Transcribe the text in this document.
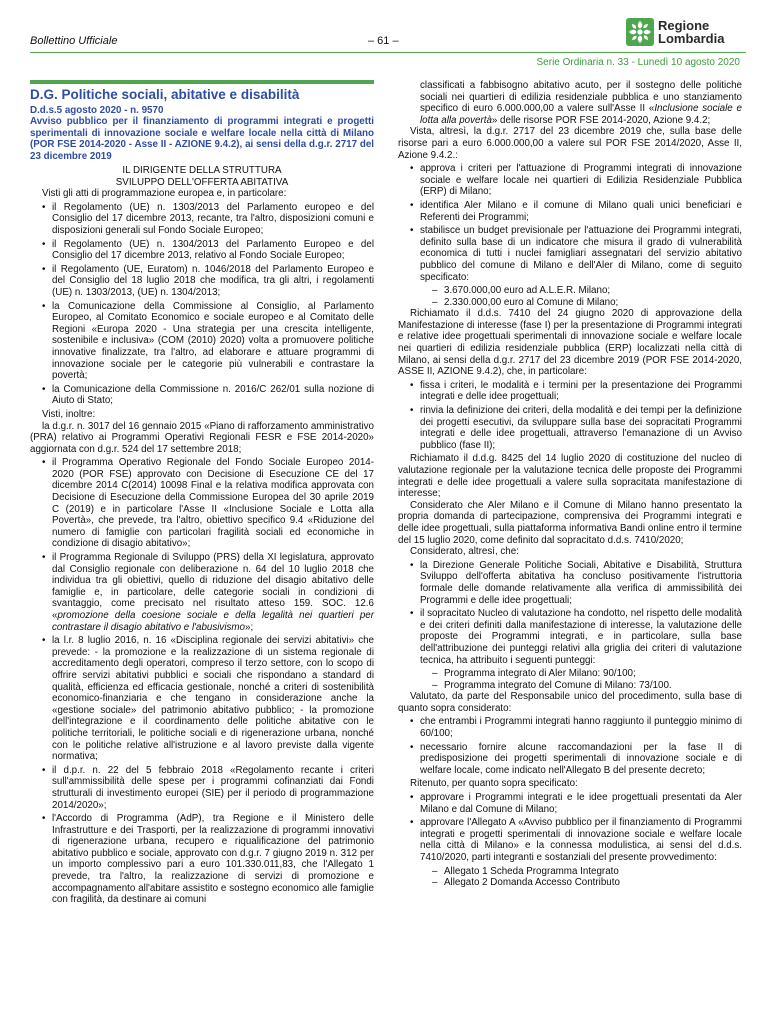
Bollettino Ufficiale	– 61 –
Regione
Lombardia
Serie Ordinaria n. 33 - Lunedì 10 agosto 2020

D.G. Politiche sociali, abitative e disabilità

D.d.s.5 agosto 2020 - n. 9570

Avviso pubblico per il finanziamento di programmi integrati e progetti sperimentali di innovazione sociale e welfare locale nella città di Milano (POR FSE 2014-2020 - Asse II - AZIONE 9.4.2), ai sensi della d.g.r. 2717 del 23 dicembre 2019

IL DIRIGENTE DELLA STRUTTURA

SVILUPPO DELL'OFFERTA ABITATIVA

Visti gli atti di programmazione europea e, in particolare:

• il Regolamento (UE) n. 1303/2013 del Parlamento europeo e del Consiglio del 17 dicembre 2013, recante, tra l'altro, disposizioni comuni e disposizioni generali sul Fondo Sociale Europeo;
• il Regolamento (UE) n. 1304/2013 del Parlamento Europeo e del Consiglio del 17 dicembre 2013, relativo al Fondo Sociale Europeo;
• il Regolamento (UE, Euratom) n. 1046/2018 del Parlamento Europeo e del Consiglio del 18 luglio 2018 che modifica, tra gli altri, i regolamenti (UE) n. 1303/2013, (UE) n. 1304/2013;
• la Comunicazione della Commissione al Consiglio, al Parlamento Europeo, al Comitato Economico e sociale europeo e al Comitato delle Regioni «Europa 2020 - Una strategia per una crescita intelligente, sostenibile e inclusiva» (COM (2010) 2020) volta a promuovere politiche innovative finalizzate, tra l'altro, ad elaborare e attuare programmi di innovazione sociale per le categorie più vulnerabili e contrastare la povertà;
• la Comunicazione della Commissione n. 2016/C 262/01 sulla nozione di Aiuto di Stato;

Visti, inoltre:

la d.g.r. n. 3017 del 16 gennaio 2015 «Piano di rafforzamento amministrativo (PRA) relativo ai Programmi Operativi Regionali FESR e FSE 2014-2020» aggiornata con d.g.r. 524 del 17 settembre 2018;

• il Programma Operativo Regionale del Fondo Sociale Europeo 2014- 2020 (POR FSE) approvato con Decisione di Esecuzione CE del 17 dicembre 2014 C(2014) 10098 Final e la relativa modifica approvata con Decisione di Esecuzione della Commissione Europea del 30 aprile 2019 C (2019) e in particolare l'Asse II «Inclusione Sociale e Lotta alla Povertà», che prevede, tra l'altro, obiettivo specifico 9.4 «Riduzione del numero di famiglie con particolari fragilità sociali ed economiche in condizione di disagio abitativo»;
• il Programma Regionale di Sviluppo (PRS) della XI legislatura, approvato dal Consiglio regionale con deliberazione n. 64 del 10 luglio 2018 che individua tra gli obiettivi, quello di riduzione del disagio abitativo delle famiglie e, in particolare, delle categorie sociali in condizioni di svantaggio, come precisato nel risultato atteso 159. SOC. 12.6 «promozione della coesione sociale e della legalità nei quartieri per contrastare il disagio abitativo e l'abusivismo»;
• la l.r. 8 luglio 2016, n. 16 «Disciplina regionale dei servizi abitativi» che prevede: - la promozione e la realizzazione di un sistema regionale di accreditamento degli operatori, compreso il terzo settore, con lo scopo di offrire servizi abitativi pubblici e sociali che rispondano a standard di qualità, efficienza ed efficacia gestionale, nonché a criteri di sostenibilità economico-finanziaria e che tengano in considerazione anche la «gestione sociale» del patrimonio abitativo pubblico; - la promozione dell'integrazione e il coordinamento delle politiche abitative con le politiche territoriali, le politiche sociali e di rigenerazione urbana, nonché con le politiche relative all'istruzione e al lavoro previste dalla vigente normativa;
• il d.p.r. n. 22 del 5 febbraio 2018 «Regolamento recante i criteri sull'ammissibilità delle spese per i programmi cofinanziati dai Fondi strutturali di investimento europei (SIE) per il periodo di programmazione 2014/2020»;
• l'Accordo di Programma (AdP), tra Regione e il Ministero delle Infrastrutture e dei Trasporti, per la realizzazione di programmi innovativi di rigenerazione urbana, recupero e riqualificazione del patrimonio abitativo pubblico e sociale, approvato con d.g.r. 7 giugno 2019 n. 312 per un importo complessivo pari a euro 101.330.011,83, che l'Allegato 1 prevede, tra l'altro, la realizzazione di servizi di promozione e accompagnamento all'abitare assistito e sostegno economico alle famiglie con fragilità, da destinare ai comuni

classificati a fabbisogno abitativo acuto, per il sostegno delle politiche sociali nei quartieri di edilizia residenziale pubblica e uno stanziamento specifico di euro 6.000.000,00 a valere sull'Asse II «Inclusione sociale e lotta alla povertà» delle risorse POR FSE 2014-2020, Azione 9.4.2;

Vista, altresì, la d.g.r. 2717 del 23 dicembre 2019 che, sulla base delle risorse pari a euro 6.000.000,00 a valere sul POR FSE 2014/2020, Asse II, Azione 9.4.2.:

• approva i criteri per l'attuazione di Programmi integrati di innovazione sociale e welfare locale nei quartieri di Edilizia Residenziale Pubblica (ERP) di Milano;
• identifica Aler Milano e il comune di Milano quali unici beneficiari e Referenti dei Programmi;
• stabilisce un budget previsionale per l'attuazione dei Programmi integrati, definito sulla base di un indicatore che misura il grado di vulnerabilità economica di tutti i nuclei famigliari assegnatari del servizio abitativo pubblico del comune di Milano e dell'Aler di Milano, come di seguito specificato:
– 3.670.000,00 euro ad A.L.E.R. Milano;
– 2.330.000,00 euro al Comune di Milano;

Richiamato il d.d.s. 7410 del 24 giugno 2020 di approvazione della Manifestazione di interesse (fase I) per la presentazione di Programmi integrati e relative idee progettuali sperimentali di innovazione sociale e welfare locale nei quartieri di edilizia residenziale pubblica (ERP) localizzati nella città di Milano, ai sensi della d.g.r. 2717 del 23 dicembre 2019 (POR FSE 2014-2020, ASSE II, AZIONE 9.4.2), che, in particolare:

• fissa i criteri, le modalità e i termini per la presentazione dei Programmi integrati e delle idee progettuali;
• rinvia la definizione dei criteri, della modalità e dei tempi per la definizione dei progetti esecutivi, da sviluppare sulla base dei sopracitati Programmi integrati e delle idee progettuali, attraverso l'emanazione di un Avviso pubblico (fase II);

Richiamato il d.d.g. 8425 del 14 luglio 2020 di costituzione del nucleo di valutazione regionale per la valutazione tecnica delle proposte dei Programmi integrati e delle idee progettuali a valere sulla sopracitata manifestazione di interesse;

Considerato che Aler Milano e il Comune di Milano hanno presentato la propria domanda di partecipazione, comprensiva dei Programmi integrati e delle idee progettuali, sulla piattaforma informativa Bandi online entro il termine del 15 luglio 2020, come definito dal sopracitato d.d.s. 7410/2020;

Considerato, altresì, che:

• la Direzione Generale Politiche Sociali, Abitative e Disabilità, Struttura Sviluppo dell'offerta abitativa ha concluso positivamente l'istruttoria formale delle domande relativamente alla verifica di ammissibilità dei Programmi e delle idee progettuali;
• il sopracitato Nucleo di valutazione ha condotto, nel rispetto delle modalità e dei criteri definiti dalla manifestazione di interesse, la valutazione delle proposte dei Programmi integrati, e in particolare, sulla base dell'attribuzione dei punteggi relativi alla griglia dei criteri di valutazione tecnica, ha attribuito i seguenti punteggi:
– Programma integrato di Aler Milano: 90/100;
– Programma integrato del Comune di Milano: 73/100.

Valutato, da parte del Responsabile unico del procedimento, sulla base di quanto sopra considerato:

• che entrambi i Programmi integrati hanno raggiunto il punteggio minimo di 60/100;
• necessario fornire alcune raccomandazioni per la fase II di predisposizione dei progetti sperimentali di innovazione sociale e di welfare locale, come indicato nell'Allegato B del presente decreto;

Ritenuto, per quanto sopra specificato:

• approvare i Programmi integrati e le idee progettuali presentati da Aler Milano e dal Comune di Milano;
• approvare l'Allegato A «Avviso pubblico per il finanziamento di Programmi integrati e progetti sperimentali di innovazione sociale e welfare locale nella città di Milano» e la connessa modulistica, ai sensi del d.d.s. 7410/2020, parti integranti e sostanziali del presente provvedimento:
– Allegato 1 Scheda Programma Integrato
– Allegato 2 Domanda Accesso Contributo
